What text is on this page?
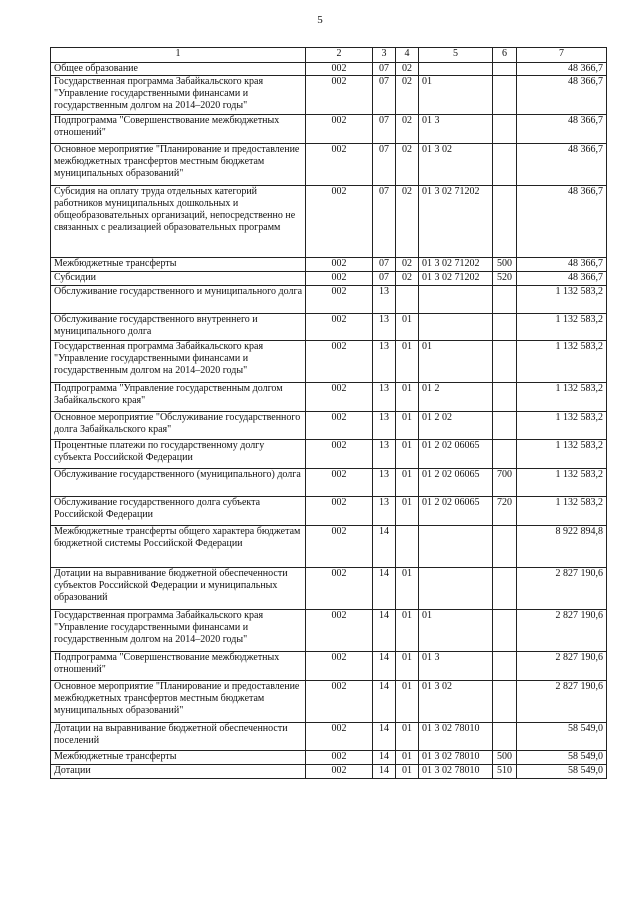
5
1	2	3	4	5	6	7
Общее образование	002	07	02			48 366,7
Государственная программа Забайкальского края "Управление государственными финансами и государственным долгом на 2014–2020 годы"	002	07	02	01		48 366,7
Подпрограмма "Совершенствование межбюджетных отношений"	002	07	02	01 3		48 366,7
Основное мероприятие "Планирование и предоставление межбюджетных трансфертов местным бюджетам муниципальных образований"	002	07	02	01 3 02		48 366,7
Субсидия на оплату труда отдельных категорий работников муниципальных дошкольных и общеобразовательных организаций, непосредственно не связанных с реализацией образовательных программ	002	07	02	01 3 02 71202		48 366,7
Межбюджетные трансферты	002	07	02	01 3 02 71202	500	48 366,7
Субсидии	002	07	02	01 3 02 71202	520	48 366,7
Обслуживание государственного и муниципального долга	002	13				1 132 583,2
Обслуживание государственного внутреннего и муниципального долга	002	13	01			1 132 583,2
Государственная программа Забайкальского края "Управление государственными финансами и государственным долгом на 2014–2020 годы"	002	13	01	01		1 132 583,2
Подпрограмма "Управление государственным долгом Забайкальского края"	002	13	01	01 2		1 132 583,2
Основное мероприятие "Обслуживание государственного долга Забайкальского края"	002	13	01	01 2 02		1 132 583,2
Процентные платежи по государственному долгу субъекта Российской Федерации	002	13	01	01 2 02 06065		1 132 583,2
Обслуживание государственного (муниципального) долга	002	13	01	01 2 02 06065	700	1 132 583,2
Обслуживание государственного долга субъекта Российской Федерации	002	13	01	01 2 02 06065	720	1 132 583,2
Межбюджетные трансферты общего характера бюджетам бюджетной системы Российской Федерации	002	14				8 922 894,8
Дотации на выравнивание бюджетной обеспеченности субъектов Российской Федерации и муниципальных образований	002	14	01			2 827 190,6
Государственная программа Забайкальского края "Управление государственными финансами и государственным долгом на 2014–2020 годы"	002	14	01	01		2 827 190,6
Подпрограмма "Совершенствование межбюджетных отношений"	002	14	01	01 3		2 827 190,6
Основное мероприятие "Планирование и предоставление межбюджетных трансфертов местным бюджетам муниципальных образований"	002	14	01	01 3 02		2 827 190,6
Дотации на выравнивание бюджетной обеспеченности поселений	002	14	01	01 3 02 78010		58 549,0
Межбюджетные трансферты	002	14	01	01 3 02 78010	500	58 549,0
Дотации	002	14	01	01 3 02 78010	510	58 549,0
